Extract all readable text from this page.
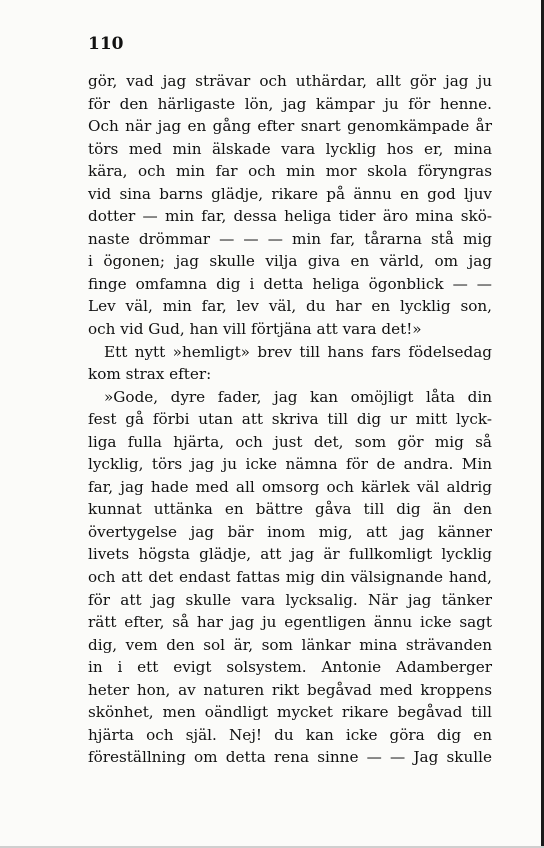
110
gör, vad jag strävar och uthärdar, allt gör jag ju
för den härligaste lön, jag kämpar ju för henne.
Och när jag en gång efter snart genomkämpade år
törs med min älskade vara lycklig hos er, mina
kära, och min far och min mor skola föryngras
vid sina barns glädje, rikare på ännu en god ljuv
dotter — min far, dessa heliga tider äro mina skö-
naste drömmar — — — min far, tårarna stå mig
i ögonen; jag skulle vilja giva en värld, om jag
finge omfamna dig i detta heliga ögonblick — —
Lev väl, min far, lev väl, du har en lycklig son,
och vid Gud, han vill förtjäna att vara det!»
Ett nytt »hemligt» brev till hans fars födelsedag
kom strax efter:
»Gode, dyre fader, jag kan omöjligt låta din
fest gå förbi utan att skriva till dig ur mitt lyck-
liga fulla hjärta, och just det, som gör mig så
lycklig, törs jag ju icke nämna för de andra. Min
far, jag hade med all omsorg och kärlek väl aldrig
kunnat uttänka en bättre gåva till dig än den
övertygelse jag bär inom mig, att jag känner
livets högsta glädje, att jag är fullkomligt lycklig
och att det endast fattas mig din välsignande hand,
för att jag skulle vara lycksalig. När jag tänker
rätt efter, så har jag ju egentligen ännu icke sagt
dig, vem den sol är, som länkar mina strävanden
in i ett evigt solsystem. Antonie Adamberger
heter hon, av naturen rikt begåvad med kroppens
skönhet, men oändligt mycket rikare begåvad till
hjärta och själ. Nej! du kan icke göra dig en
föreställning om detta rena sinne — — Jag skulle
